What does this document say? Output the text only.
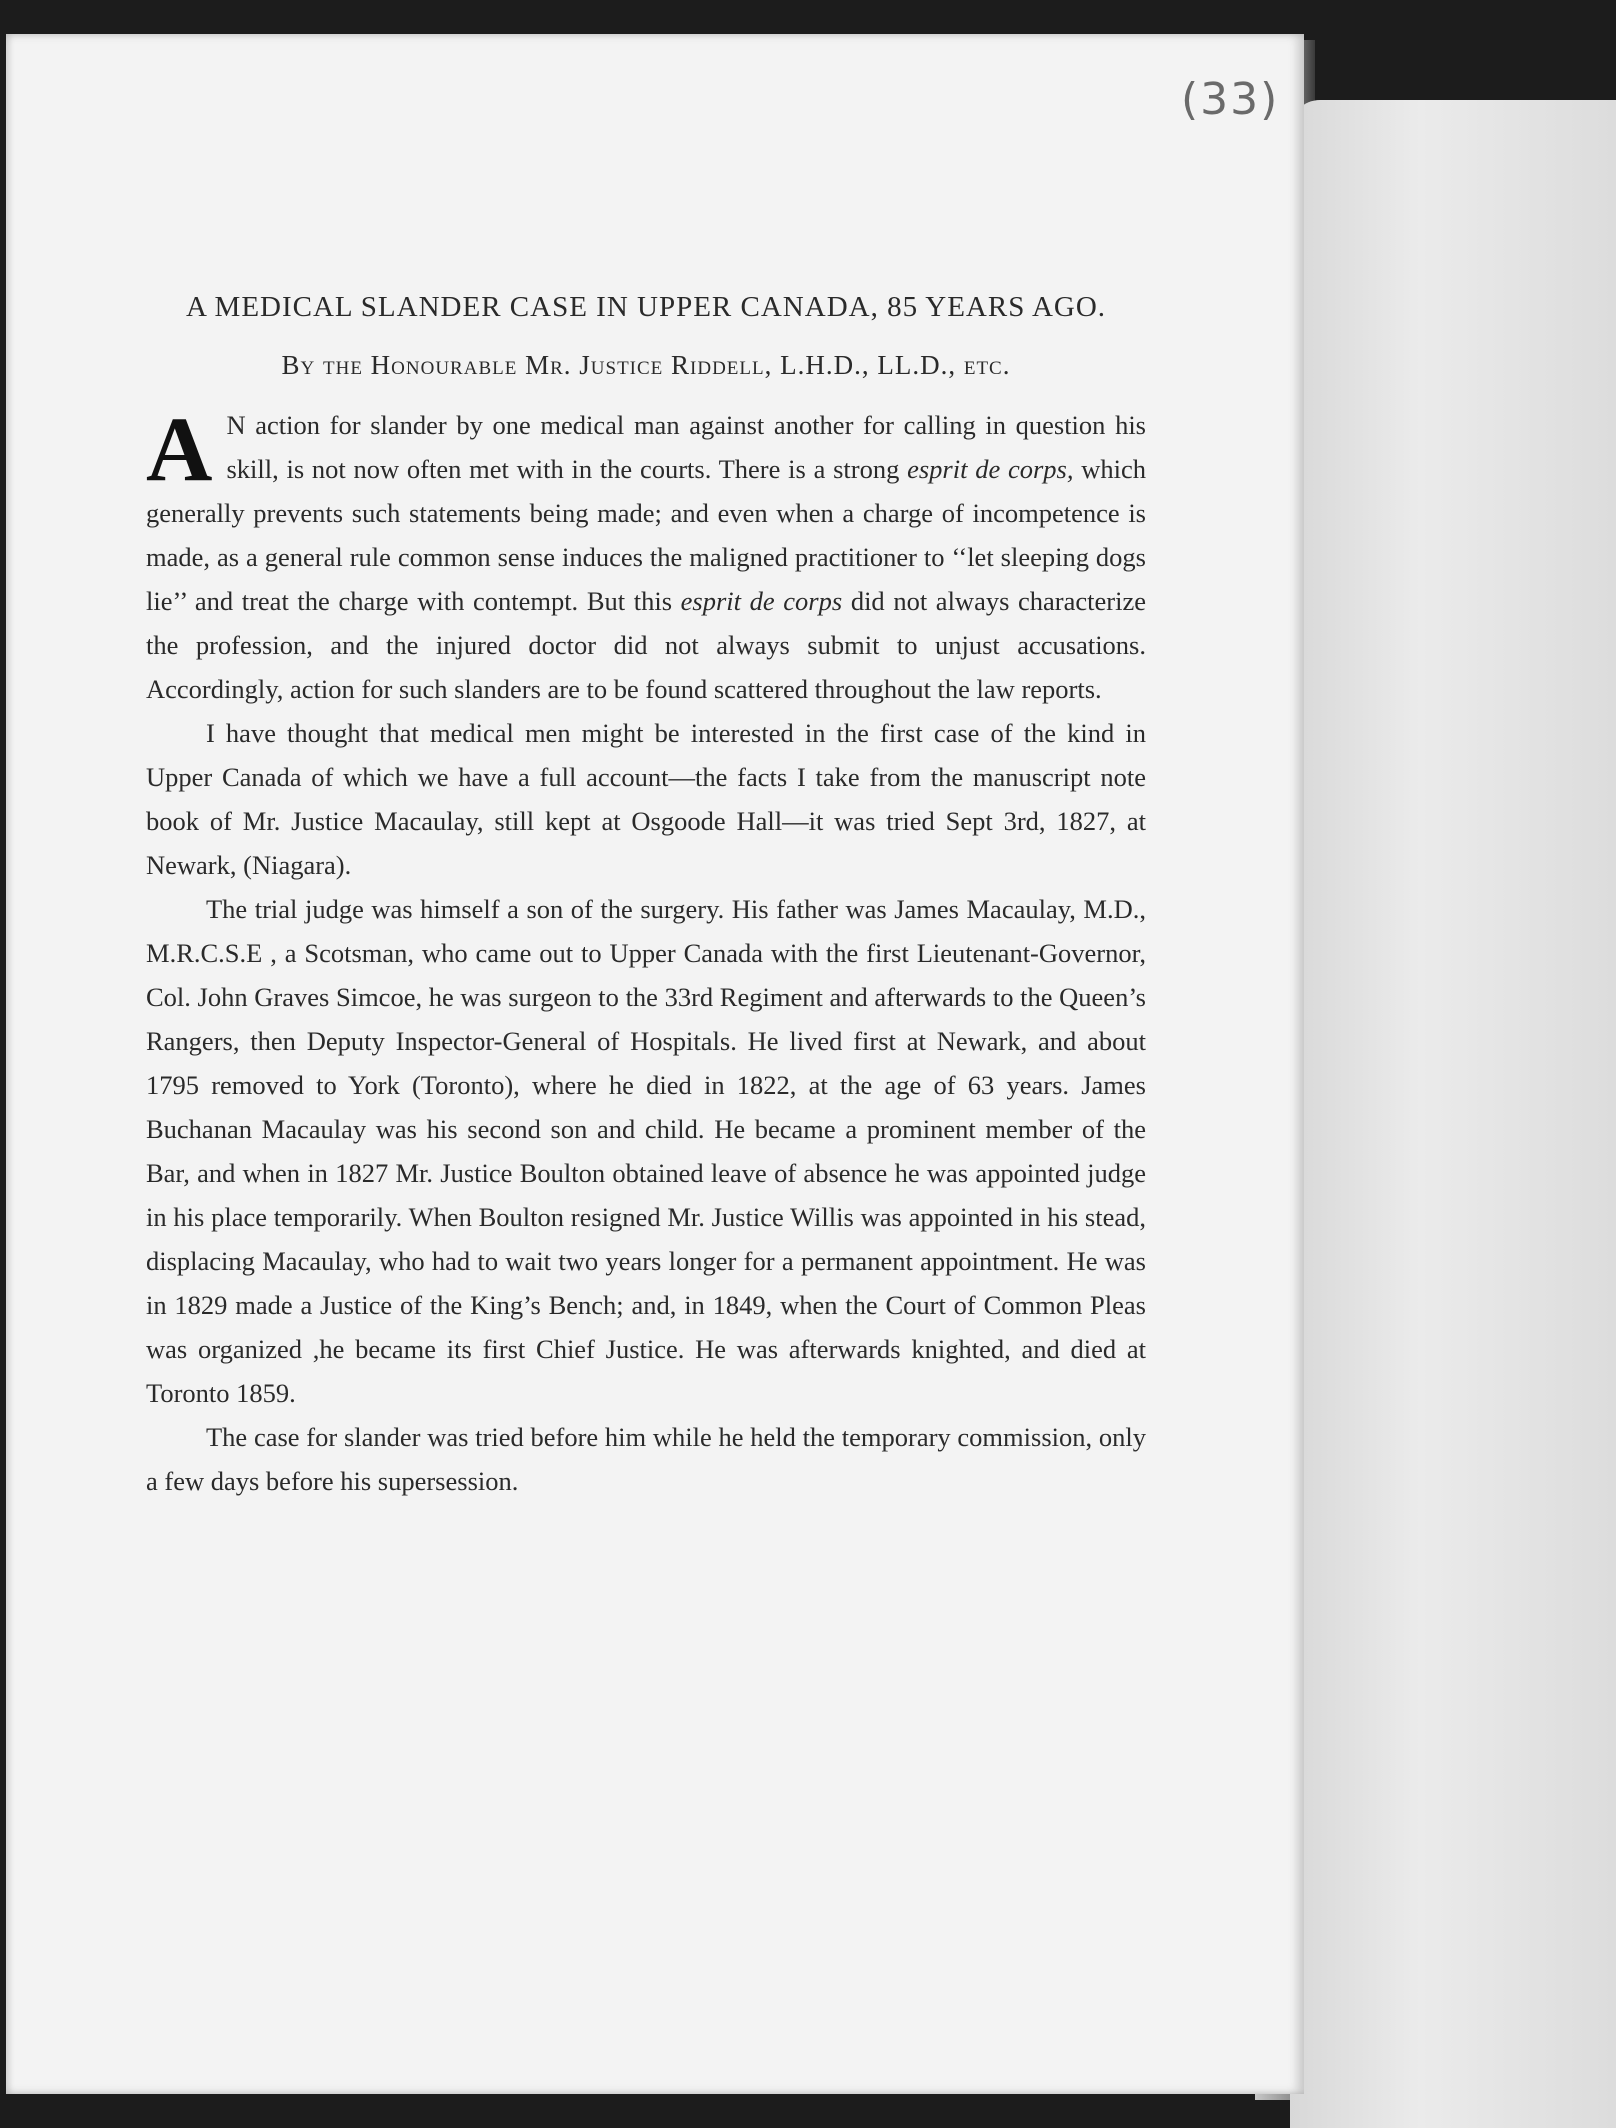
(33)
A MEDICAL SLANDER CASE IN UPPER CANADA, 85 YEARS AGO.
By the Honourable Mr. Justice Riddell, L.H.D., LL.D., etc.

A N action for slander by one medical man against another for calling in question his skill, is not now often met with in the courts. There is a strong esprit de corps, which generally prevents such statements being made; and even when a charge of incompetence is made, as a general rule common sense induces the maligned practitioner to ‘‘let sleeping dogs lie’’ and treat the charge with contempt. But this esprit de corps did not always characterize the profession, and the injured doctor did not always submit to unjust accusations. Accordingly, action for such slanders are to be found scattered throughout the law reports.

I have thought that medical men might be interested in the first case of the kind in Upper Canada of which we have a full account—the facts I take from the manuscript note book of Mr. Justice Macaulay, still kept at Osgoode Hall—it was tried Sept 3rd, 1827, at Newark, (Niagara).

The trial judge was himself a son of the surgery. His father was James Macaulay, M.D., M.R.C.S.E , a Scotsman, who came out to Upper Canada with the first Lieutenant-Governor, Col. John Graves Simcoe, he was surgeon to the 33rd Regiment and afterwards to the Queen’s Rangers, then Deputy Inspector-General of Hospitals. He lived first at Newark, and about 1795 removed to York (Toronto), where he died in 1822, at the age of 63 years. James Buchanan Macaulay was his second son and child. He became a prominent member of the Bar, and when in 1827 Mr. Justice Boulton obtained leave of absence he was appointed judge in his place temporarily. When Boulton resigned Mr. Justice Willis was appointed in his stead, displacing Macaulay, who had to wait two years longer for a permanent appointment. He was in 1829 made a Justice of the King’s Bench; and, in 1849, when the Court of Common Pleas was organized ,he became its first Chief Justice. He was afterwards knighted, and died at Toronto 1859.

The case for slander was tried before him while he held the temporary commission, only a few days before his supersession.
